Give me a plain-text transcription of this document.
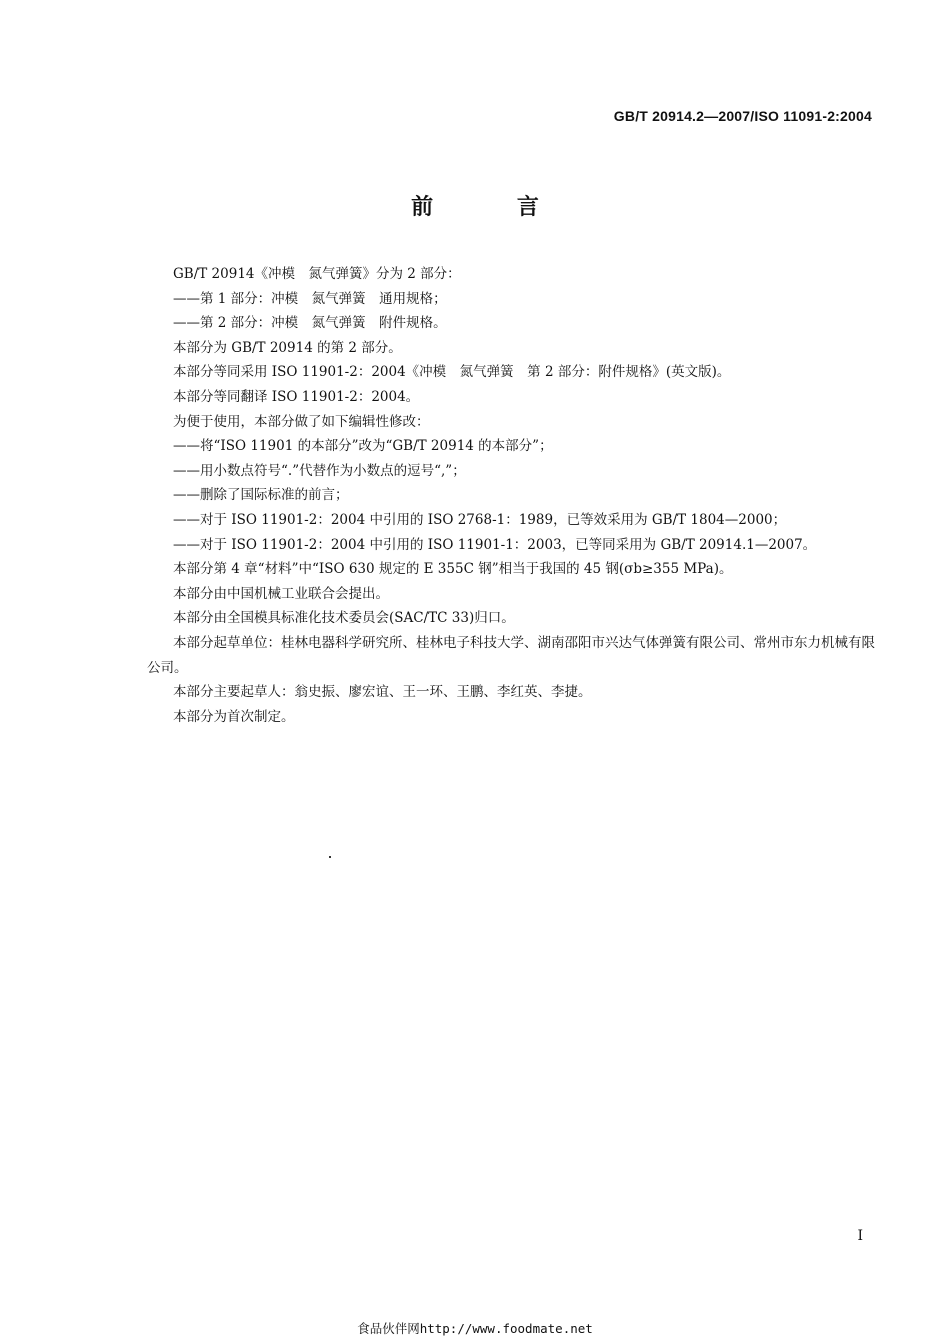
GB/T 20914.2—2007/ISO 11091-2:2004
前 言

GB/T 20914《冲模　氮气弹簧》分为 2 部分：

——第 1 部分：冲模　氮气弹簧　通用规格；

——第 2 部分：冲模　氮气弹簧　附件规格。

本部分为 GB/T 20914 的第 2 部分。

本部分等同采用 ISO 11901-2：2004《冲模　氮气弹簧　第 2 部分：附件规格》(英文版)。

本部分等同翻译 ISO 11901-2：2004。

为便于使用，本部分做了如下编辑性修改：

——将“ISO 11901 的本部分”改为“GB/T 20914 的本部分”；

——用小数点符号“.”代替作为小数点的逗号“,”；

——删除了国际标准的前言；

——对于 ISO 11901-2：2004 中引用的 ISO 2768-1：1989，已等效采用为 GB/T 1804—2000；

——对于 ISO 11901-2：2004 中引用的 ISO 11901-1：2003，已等同采用为 GB/T 20914.1—2007。

本部分第 4 章“材料”中“ISO 630 规定的 E 355C 钢”相当于我国的 45 钢(σb≥355 MPa)。

本部分由中国机械工业联合会提出。

本部分由全国模具标准化技术委员会(SAC/TC 33)归口。

本部分起草单位：桂林电器科学研究所、桂林电子科技大学、湖南邵阳市兴达气体弹簧有限公司、常州市东力机械有限公司。

本部分主要起草人：翁史振、廖宏谊、王一环、王鹏、李红英、李捷。

本部分为首次制定。

I
食品伙伴网http://www.foodmate.net
